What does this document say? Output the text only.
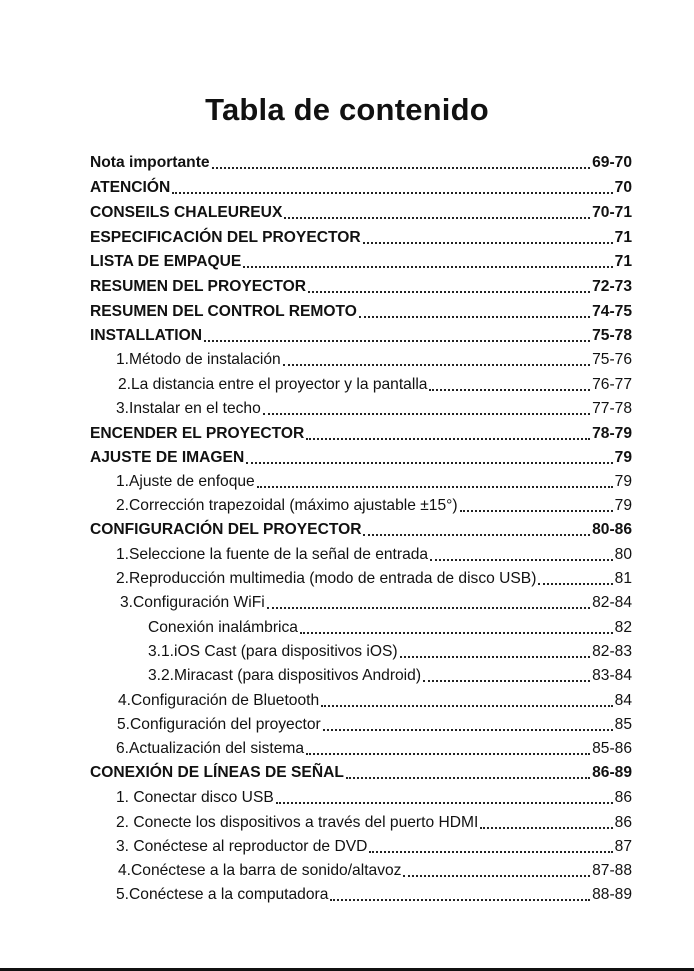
Tabla de contenido
Nota importante	69-70
ATENCIÓN	70
CONSEILS CHALEUREUX	70-71
ESPECIFICACIÓN DEL PROYECTOR	71
LISTA DE EMPAQUE	71
RESUMEN DEL PROYECTOR	72-73
RESUMEN DEL CONTROL REMOTO	74-75
INSTALLATION	75-78
1.Método de instalación	75-76
2.La distancia entre el proyector y la pantalla	76-77
3.Instalar en el techo	77-78
ENCENDER EL PROYECTOR	78-79
AJUSTE DE IMAGEN	79
1.Ajuste de enfoque	79
2.Corrección trapezoidal (máximo ajustable ±15°)	79
CONFIGURACIÓN DEL PROYECTOR	80-86
1.Seleccione la fuente de la señal de entrada	80
2.Reproducción multimedia (modo de entrada de disco USB)	81
3.Configuración WiFi	82-84
Conexión inalámbrica	82
3.1.iOS Cast (para dispositivos iOS)	82-83
3.2.Miracast (para dispositivos Android)	83-84
4.Configuración de Bluetooth	84
5.Configuración del proyector	85
6.Actualización del sistema	85-86
CONEXIÓN DE LÍNEAS DE SEÑAL	86-89
1. Conectar disco USB	86
2. Conecte los dispositivos a través del puerto HDMI	86
3. Conéctese al reproductor de DVD	87
4.Conéctese a la barra de sonido/altavoz	87-88
5.Conéctese a la computadora	88-89
